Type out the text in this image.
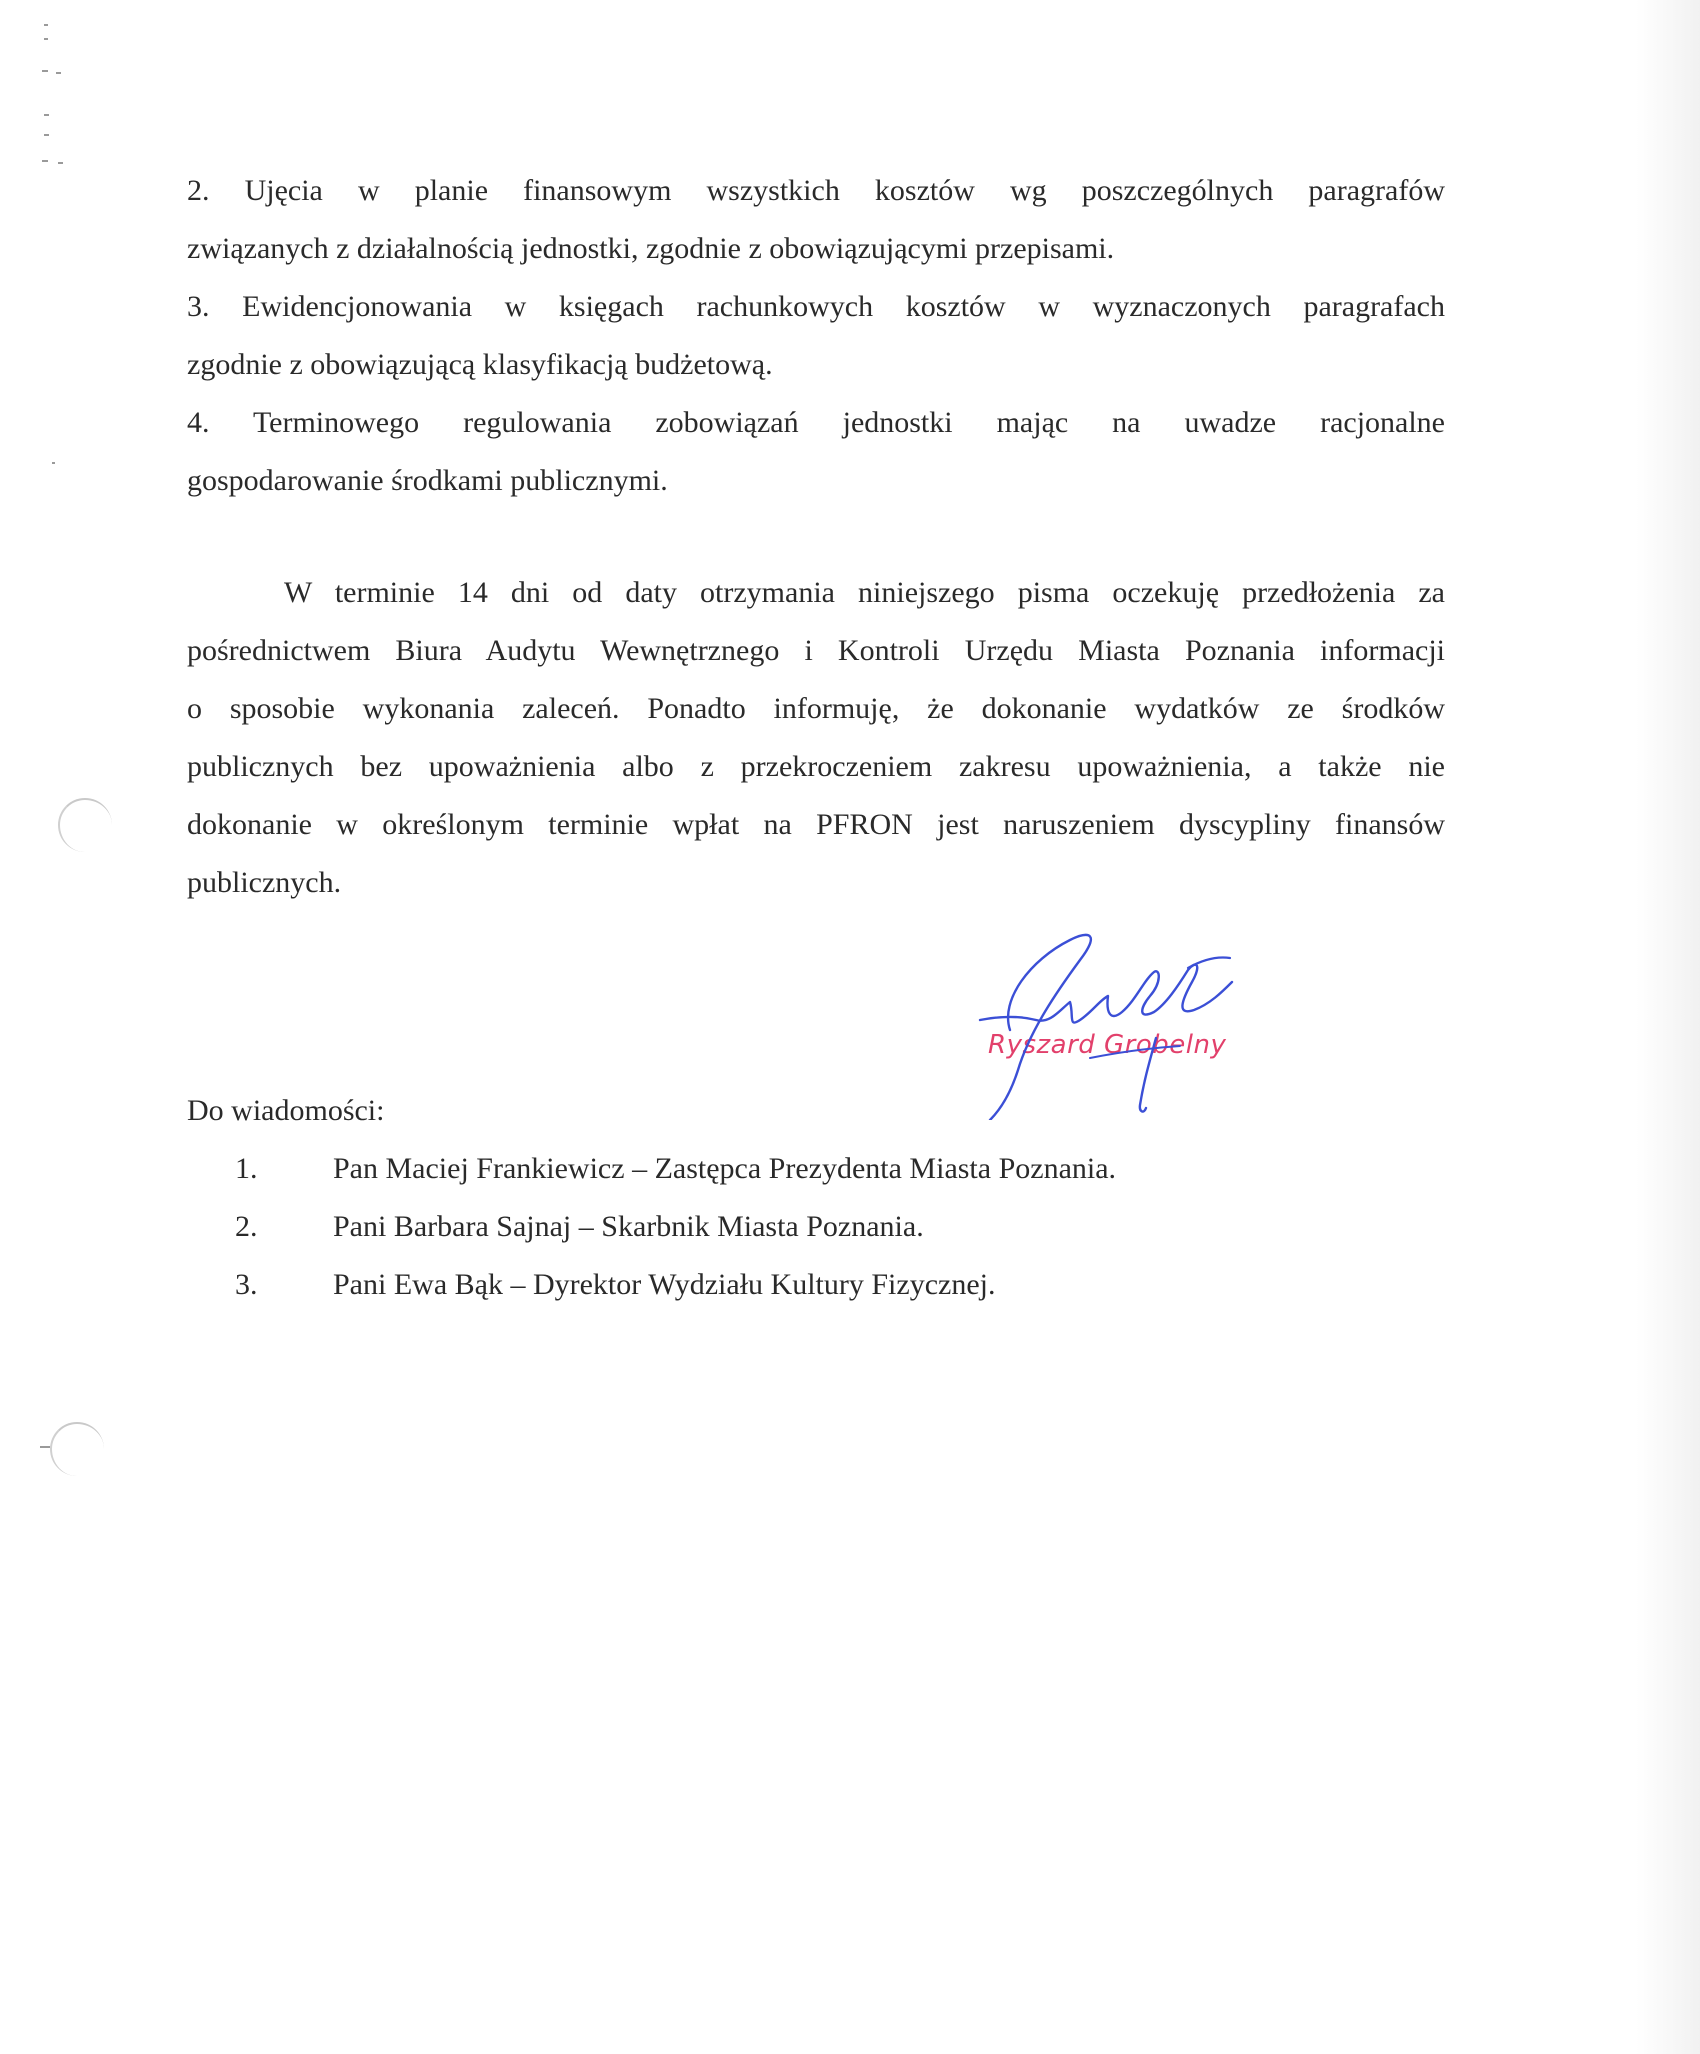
2. Ujęcia w planie finansowym wszystkich kosztów wg poszczególnych paragrafów

związanych z działalnością jednostki, zgodnie z obowiązującymi przepisami.

3. Ewidencjonowania w księgach rachunkowych kosztów w wyznaczonych paragrafach

zgodnie z obowiązującą klasyfikacją budżetową.

4. Terminowego regulowania zobowiązań jednostki mając na uwadze racjonalne

gospodarowanie środkami publicznymi.

W terminie 14 dni od daty otrzymania niniejszego pisma oczekuję przedłożenia za

pośrednictwem Biura Audytu Wewnętrznego i Kontroli Urzędu Miasta Poznania informacji

o sposobie wykonania zaleceń. Ponadto informuję, że dokonanie wydatków ze środków

publicznych bez upoważnienia albo z przekroczeniem zakresu upoważnienia, a także nie

dokonanie w określonym terminie wpłat na PFRON jest naruszeniem dyscypliny finansów

publicznych.

Ryszard Grobelny

Do wiadomości:

1.	Pan Maciej Frankiewicz – Zastępca Prezydenta Miasta Poznania.
2.	Pani Barbara Sajnaj – Skarbnik Miasta Poznania.
3.	Pani Ewa Bąk – Dyrektor Wydziału Kultury Fizycznej.
